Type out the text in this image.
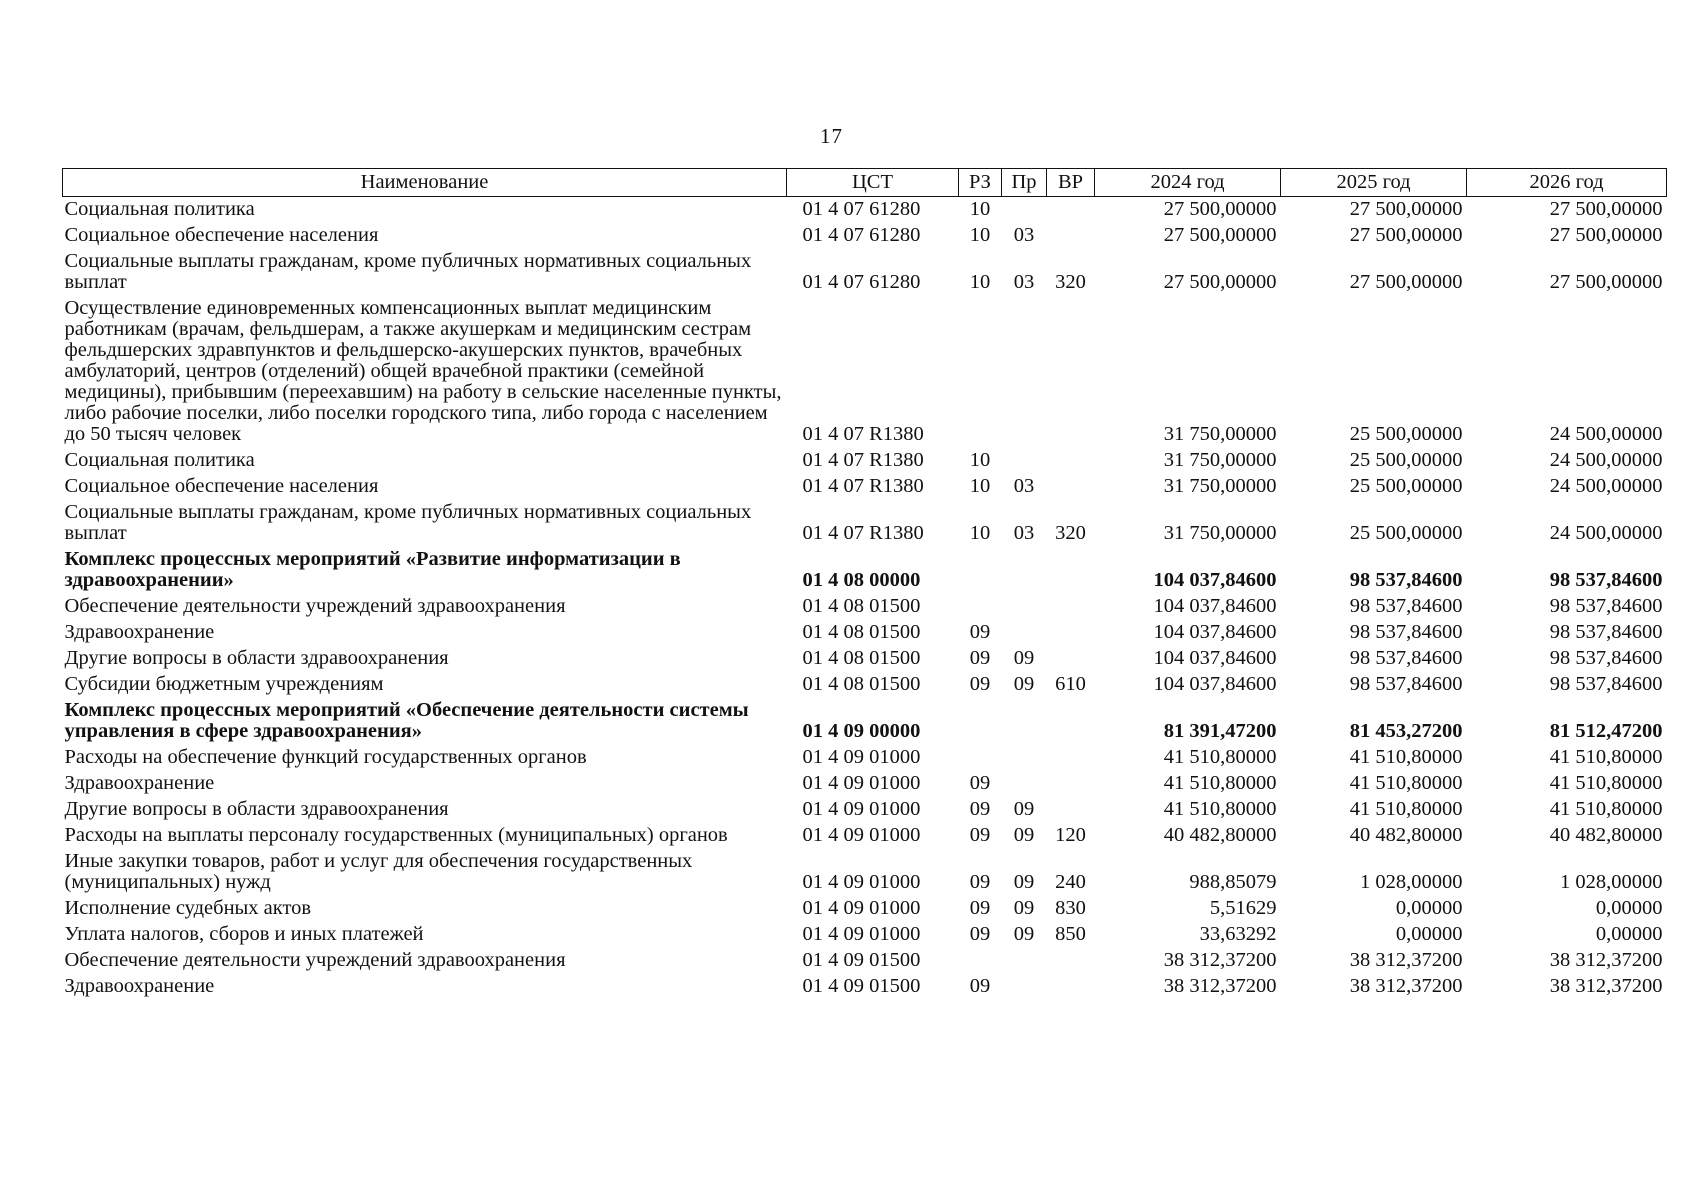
17
Наименование	ЦСТ	РЗ	Пр	ВР	2024 год	2025 год	2026 год
Социальная политика	01 4 07 61280	10			27 500,00000	27 500,00000	27 500,00000
Социальное обеспечение населения	01 4 07 61280	10	03		27 500,00000	27 500,00000	27 500,00000
Социальные выплаты гражданам, кроме публичных нормативных социальных выплат	01 4 07 61280	10	03	320	27 500,00000	27 500,00000	27 500,00000
Осуществление единовременных компенсационных выплат медицинским работникам (врачам, фельдшерам, а также акушеркам и медицинским сестрам фельдшерских здравпунктов и фельдшерско-акушерских пунктов, врачебных амбулаторий, центров (отделений) общей врачебной практики (семейной медицины), прибывшим (переехавшим) на работу в сельские населенные пункты, либо рабочие поселки, либо поселки городского типа, либо города с населением до 50 тысяч человек	01 4 07 R1380				31 750,00000	25 500,00000	24 500,00000
Социальная политика	01 4 07 R1380	10			31 750,00000	25 500,00000	24 500,00000
Социальное обеспечение населения	01 4 07 R1380	10	03		31 750,00000	25 500,00000	24 500,00000
Социальные выплаты гражданам, кроме публичных нормативных социальных выплат	01 4 07 R1380	10	03	320	31 750,00000	25 500,00000	24 500,00000
Комплекс процессных мероприятий «Развитие информатизации в здравоохранении»	01 4 08 00000				104 037,84600	98 537,84600	98 537,84600
Обеспечение деятельности учреждений здравоохранения	01 4 08 01500				104 037,84600	98 537,84600	98 537,84600
Здравоохранение	01 4 08 01500	09			104 037,84600	98 537,84600	98 537,84600
Другие вопросы в области здравоохранения	01 4 08 01500	09	09		104 037,84600	98 537,84600	98 537,84600
Субсидии бюджетным учреждениям	01 4 08 01500	09	09	610	104 037,84600	98 537,84600	98 537,84600
Комплекс процессных мероприятий «Обеспечение деятельности системы управления в сфере здравоохранения»	01 4 09 00000				81 391,47200	81 453,27200	81 512,47200
Расходы на обеспечение функций государственных органов	01 4 09 01000				41 510,80000	41 510,80000	41 510,80000
Здравоохранение	01 4 09 01000	09			41 510,80000	41 510,80000	41 510,80000
Другие вопросы в области здравоохранения	01 4 09 01000	09	09		41 510,80000	41 510,80000	41 510,80000
Расходы на выплаты персоналу государственных (муниципальных) органов	01 4 09 01000	09	09	120	40 482,80000	40 482,80000	40 482,80000
Иные закупки товаров, работ и услуг для обеспечения государственных (муниципальных) нужд	01 4 09 01000	09	09	240	988,85079	1 028,00000	1 028,00000
Исполнение судебных актов	01 4 09 01000	09	09	830	5,51629	0,00000	0,00000
Уплата налогов, сборов и иных платежей	01 4 09 01000	09	09	850	33,63292	0,00000	0,00000
Обеспечение деятельности учреждений здравоохранения	01 4 09 01500				38 312,37200	38 312,37200	38 312,37200
Здравоохранение	01 4 09 01500	09			38 312,37200	38 312,37200	38 312,37200
